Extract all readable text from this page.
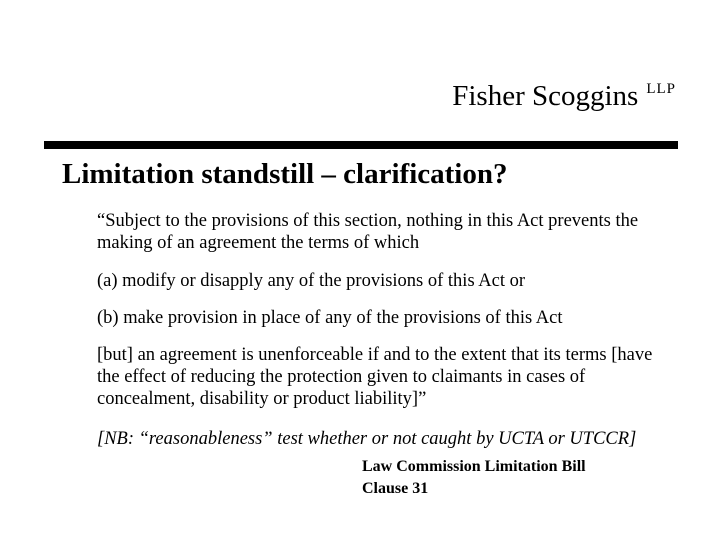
Fisher Scoggins $^{LLP}$
Limitation standstill – clarification?
“Subject to the provisions of this section, nothing in this Act prevents the making of an agreement the terms of which
(a) modify or disapply any of the provisions of this Act or
(b) make provision in place of any of the provisions of this Act
[but] an agreement is unenforceable if and to the extent that its terms [have the effect of reducing the protection given to claimants in cases of concealment, disability or product liability]”
[NB: “reasonableness” test whether or not caught by UCTA or UTCCR]
Law Commission Limitation Bill
Clause 31
